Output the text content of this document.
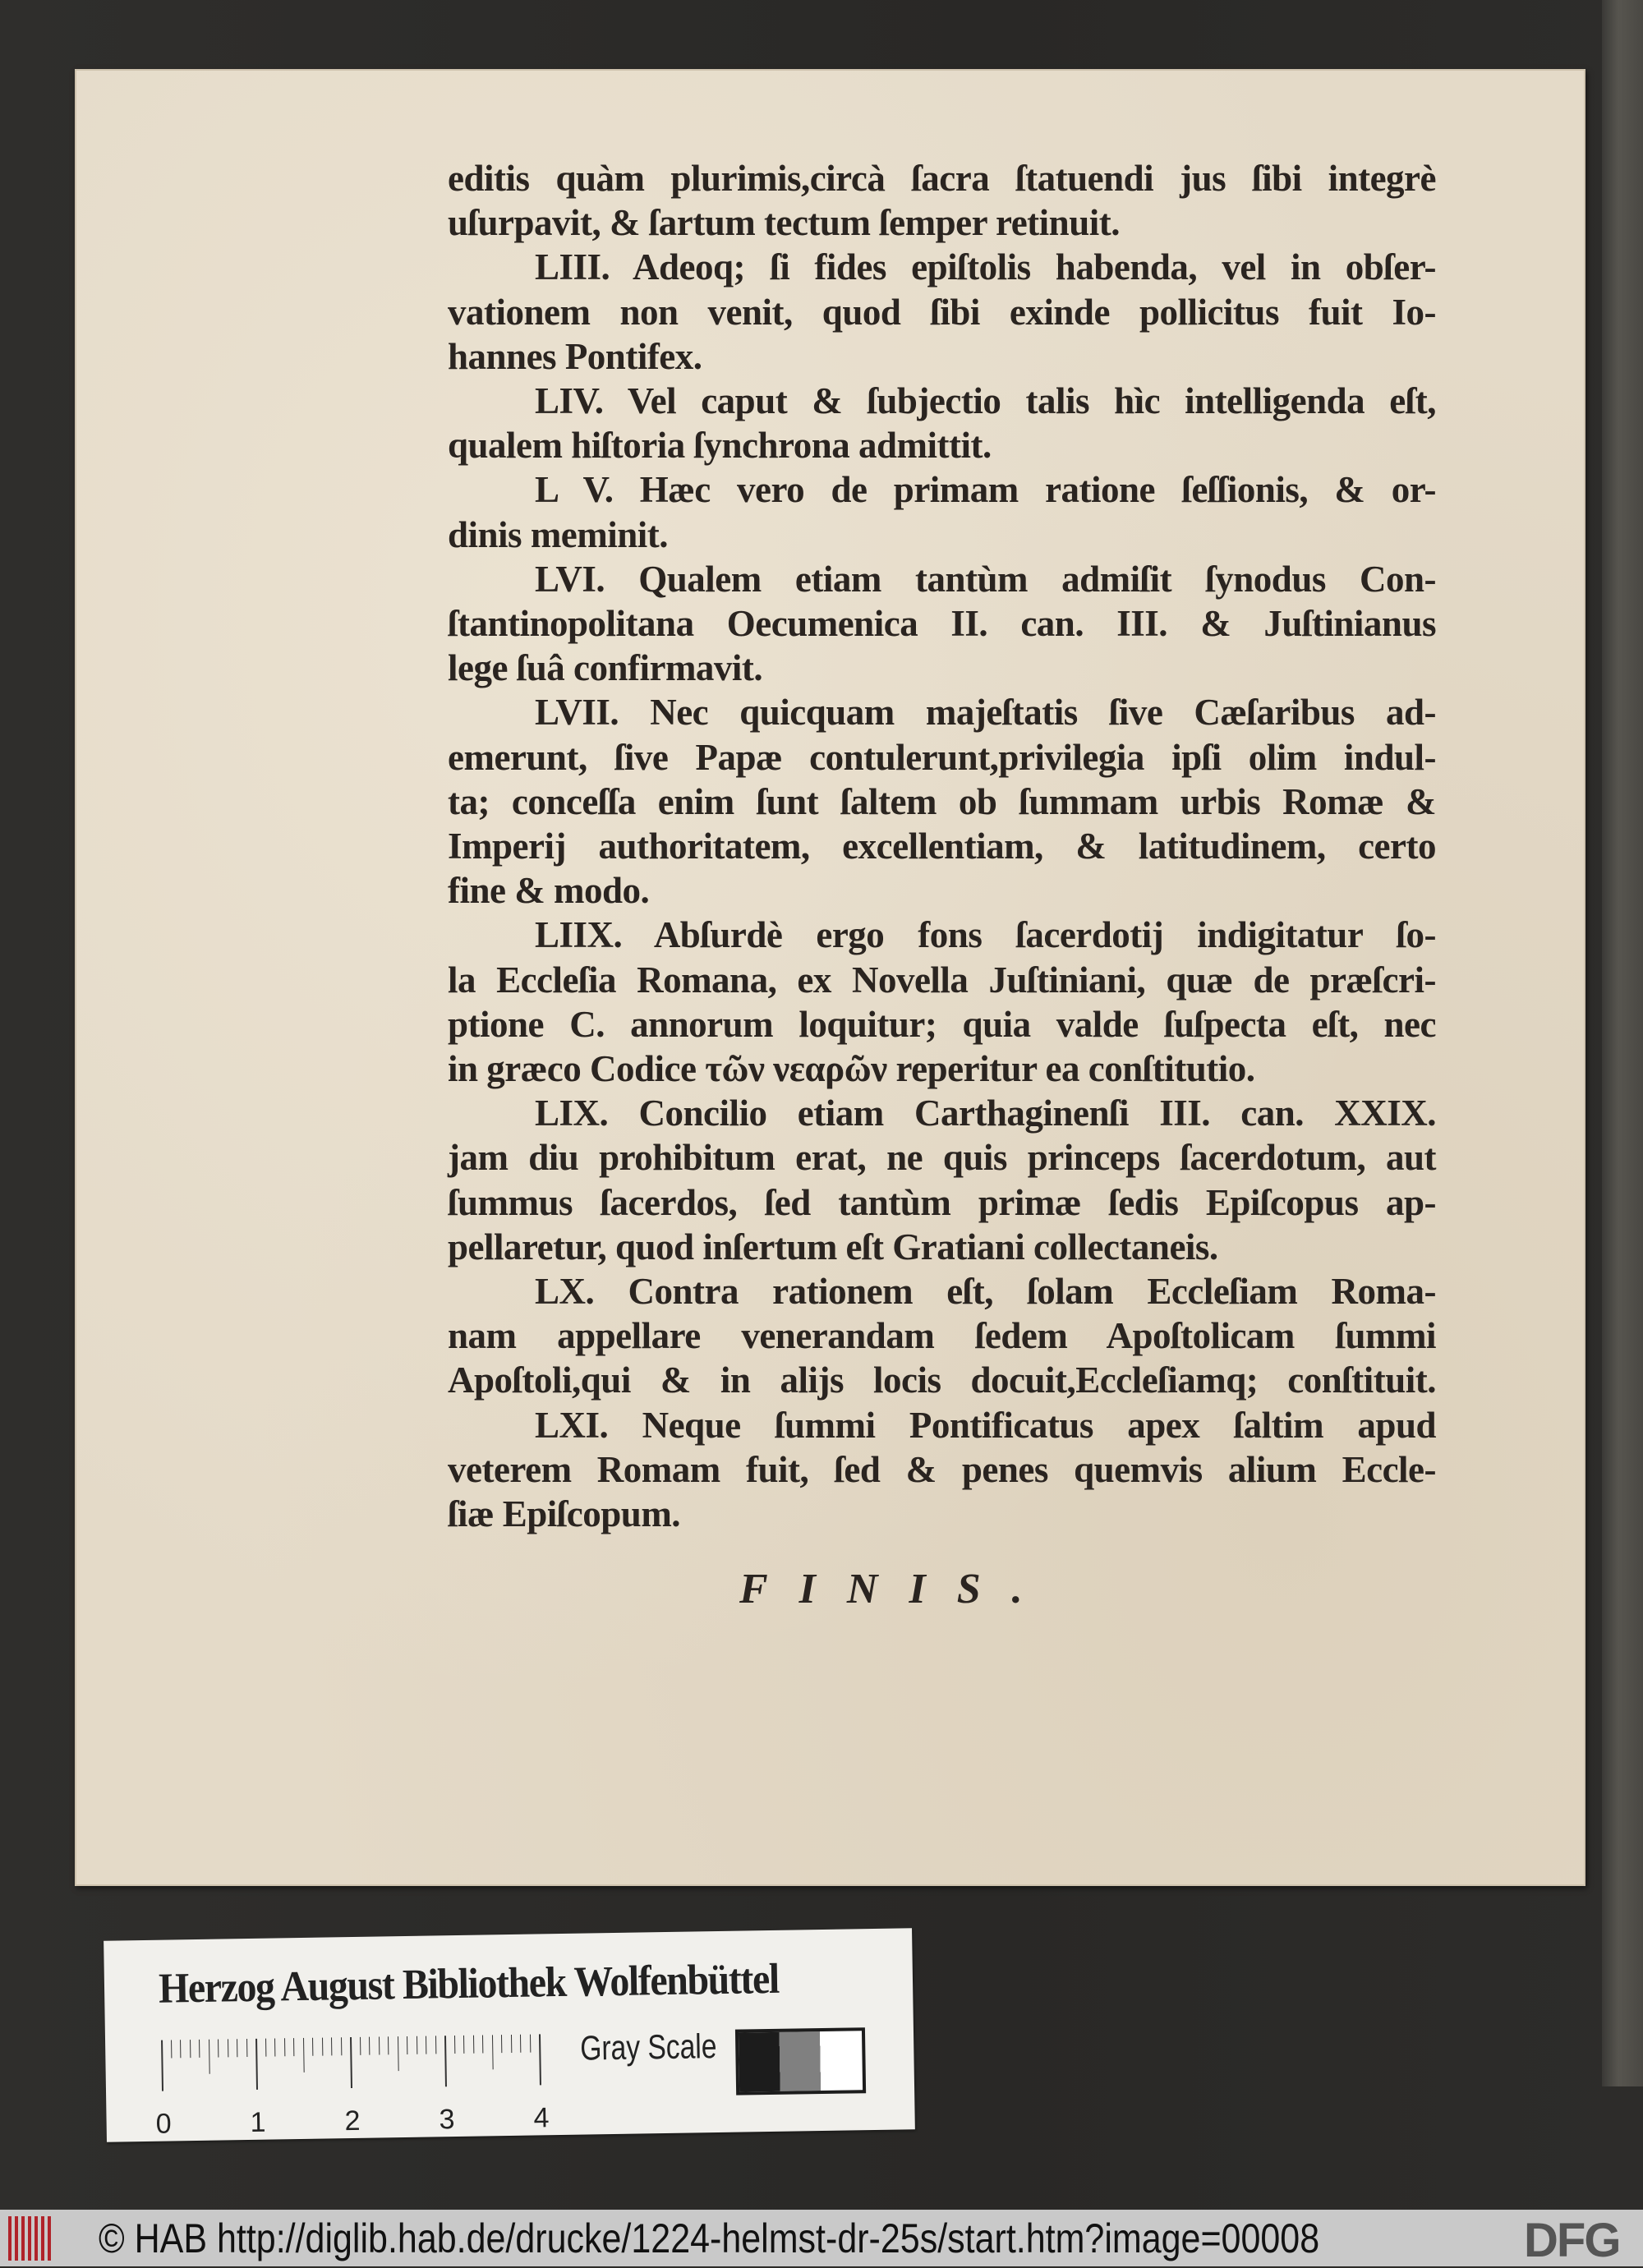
editis quàm plurimis,circà ſacra ſtatuendi jus ſibi integrè
uſurpavit, & ſartum tectum ſemper retinuit.
LIII. Adeoq; ſi fides epiſtolis habenda, vel in obſer-
vationem non venit, quod ſibi exinde pollicitus fuit Io-
hannes Pontifex.
LIV. Vel caput & ſubjectio talis hìc intelligenda eſt,
qualem hiſtoria ſynchrona admittit.
L V. Hæc vero de primam ratione ſeſſionis, & or-
dinis meminit.
LVI. Qualem etiam tantùm admiſit ſynodus Con-
ſtantinopolitana Oecumenica II. can. III. & Juſtinianus
lege ſuâ confirmavit.
LVII. Nec quicquam majeſtatis ſive Cæſaribus ad-
emerunt, ſive Papæ contulerunt,privilegia ipſi olim indul-
ta; conceſſa enim ſunt ſaltem ob ſummam urbis Romæ &
Imperij authoritatem, excellentiam, & latitudinem, certo
fine & modo.
LIIX. Abſurdè ergo fons ſacerdotij indigitatur ſo-
la Eccleſia Romana, ex Novella Juſtiniani, quæ de præſcri-
ptione C. annorum loquitur; quia valde ſuſpecta eſt, nec
in græco Codice τῶν νεαρῶν reperitur ea conſtitutio.
LIX. Concilio etiam Carthaginenſi III. can. XXIX.
jam diu prohibitum erat, ne quis princeps ſacerdotum, aut
ſummus ſacerdos, ſed tantùm primæ ſedis Epiſcopus ap-
pellaretur, quod inſertum eſt Gratiani collectaneis.
LX. Contra rationem eſt, ſolam Eccleſiam Roma-
nam appellare venerandam ſedem Apoſtolicam ſummi
Apoſtoli,qui & in alijs locis docuit,Eccleſiamq; conſtituit.
LXI. Neque ſummi Pontificatus apex ſaltim apud
veterem Romam fuit, ſed & penes quemvis alium Eccle-
ſiæ Epiſcopum.
FINIS.
Herzog August Bibliothek Wolfenbüttel
Gray Scale
0	1	2	3	4
© HAB http://diglib.hab.de/drucke/1224-helmst-dr-25s/start.htm?image=00008	DFG
